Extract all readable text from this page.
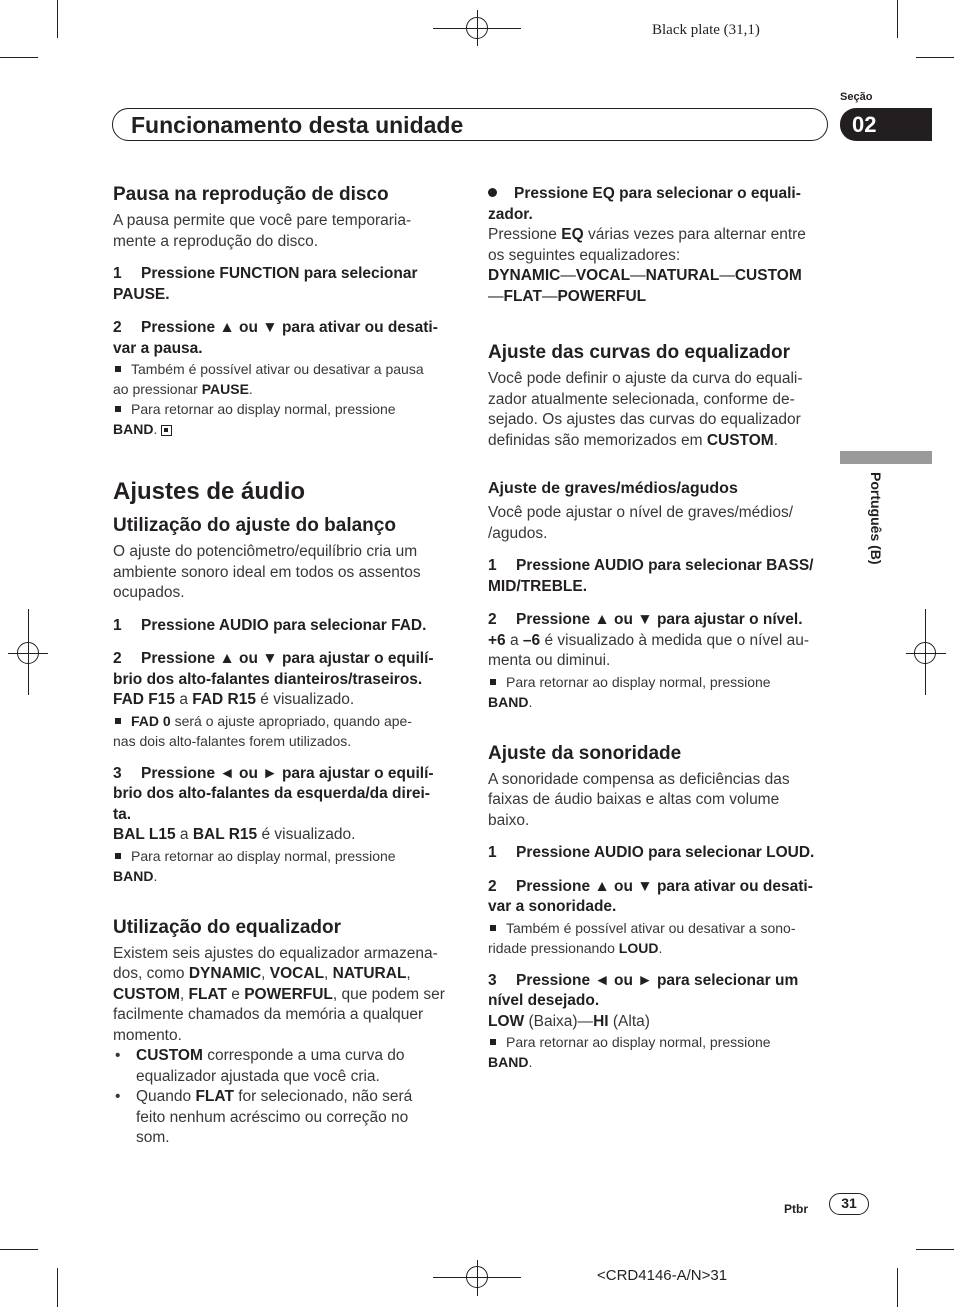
Black plate (31,1)
Funcionamento desta unidade
Seção
02
Português (B)

Pausa na reprodução de disco

A pausa permite que você pare temporaria-
mente a reprodução do disco.

1 Pressione FUNCTION para selecionar
PAUSE.

2 Pressione ▲ ou ▼ para ativar ou desati-
var a pausa.

Também é possível ativar ou desativar a pausa
ao pressionar PAUSE.

Para retornar ao display normal, pressione
BAND.

Ajustes de áudio

Utilização do ajuste do balanço

O ajuste do potenciômetro/equilíbrio cria um
ambiente sonoro ideal em todos os assentos
ocupados.

1 Pressione AUDIO para selecionar FAD.

2 Pressione ▲ ou ▼ para ajustar o equilí-
brio dos alto-falantes dianteiros/traseiros.

FAD F15 a FAD R15 é visualizado.

FAD 0 será o ajuste apropriado, quando ape-
nas dois alto-falantes forem utilizados.

3 Pressione ◄ ou ► para ajustar o equilí-
brio dos alto-falantes da esquerda/da direi-
ta.

BAL L15 a BAL R15 é visualizado.

Para retornar ao display normal, pressione
BAND.

Utilização do equalizador

Existem seis ajustes do equalizador armazena-
dos, como DYNAMIC, VOCAL, NATURAL,
CUSTOM, FLAT e POWERFUL, que podem ser
facilmente chamados da memória a qualquer
momento.

• CUSTOM corresponde a uma curva do
equalizador ajustada que você cria.

• Quando FLAT for selecionado, não será
feito nenhum acréscimo ou correção no
som.

Pressione EQ para selecionar o equali-
zador.

Pressione EQ várias vezes para alternar entre
os seguintes equalizadores:

DYNAMIC—VOCAL—NATURAL—CUSTOM
—FLAT—POWERFUL

Ajuste das curvas do equalizador

Você pode definir o ajuste da curva do equali-
zador atualmente selecionada, conforme de-
sejado. Os ajustes das curvas do equalizador
definidas são memorizados em CUSTOM.

Ajuste de graves/médios/agudos

Você pode ajustar o nível de graves/médios/
/agudos.

1 Pressione AUDIO para selecionar BASS/
MID/TREBLE.

2 Pressione ▲ ou ▼ para ajustar o nível.

+6 a –6 é visualizado à medida que o nível au-
menta ou diminui.

Para retornar ao display normal, pressione
BAND.

Ajuste da sonoridade

A sonoridade compensa as deficiências das
faixas de áudio baixas e altas com volume
baixo.

1 Pressione AUDIO para selecionar LOUD.

2 Pressione ▲ ou ▼ para ativar ou desati-
var a sonoridade.

Também é possível ativar ou desativar a sono-
ridade pressionando LOUD.

3 Pressione ◄ ou ► para selecionar um
nível desejado.

LOW (Baixa)—HI (Alta)

Para retornar ao display normal, pressione
BAND.

Ptbr	31
<CRD4146-A/N>31
